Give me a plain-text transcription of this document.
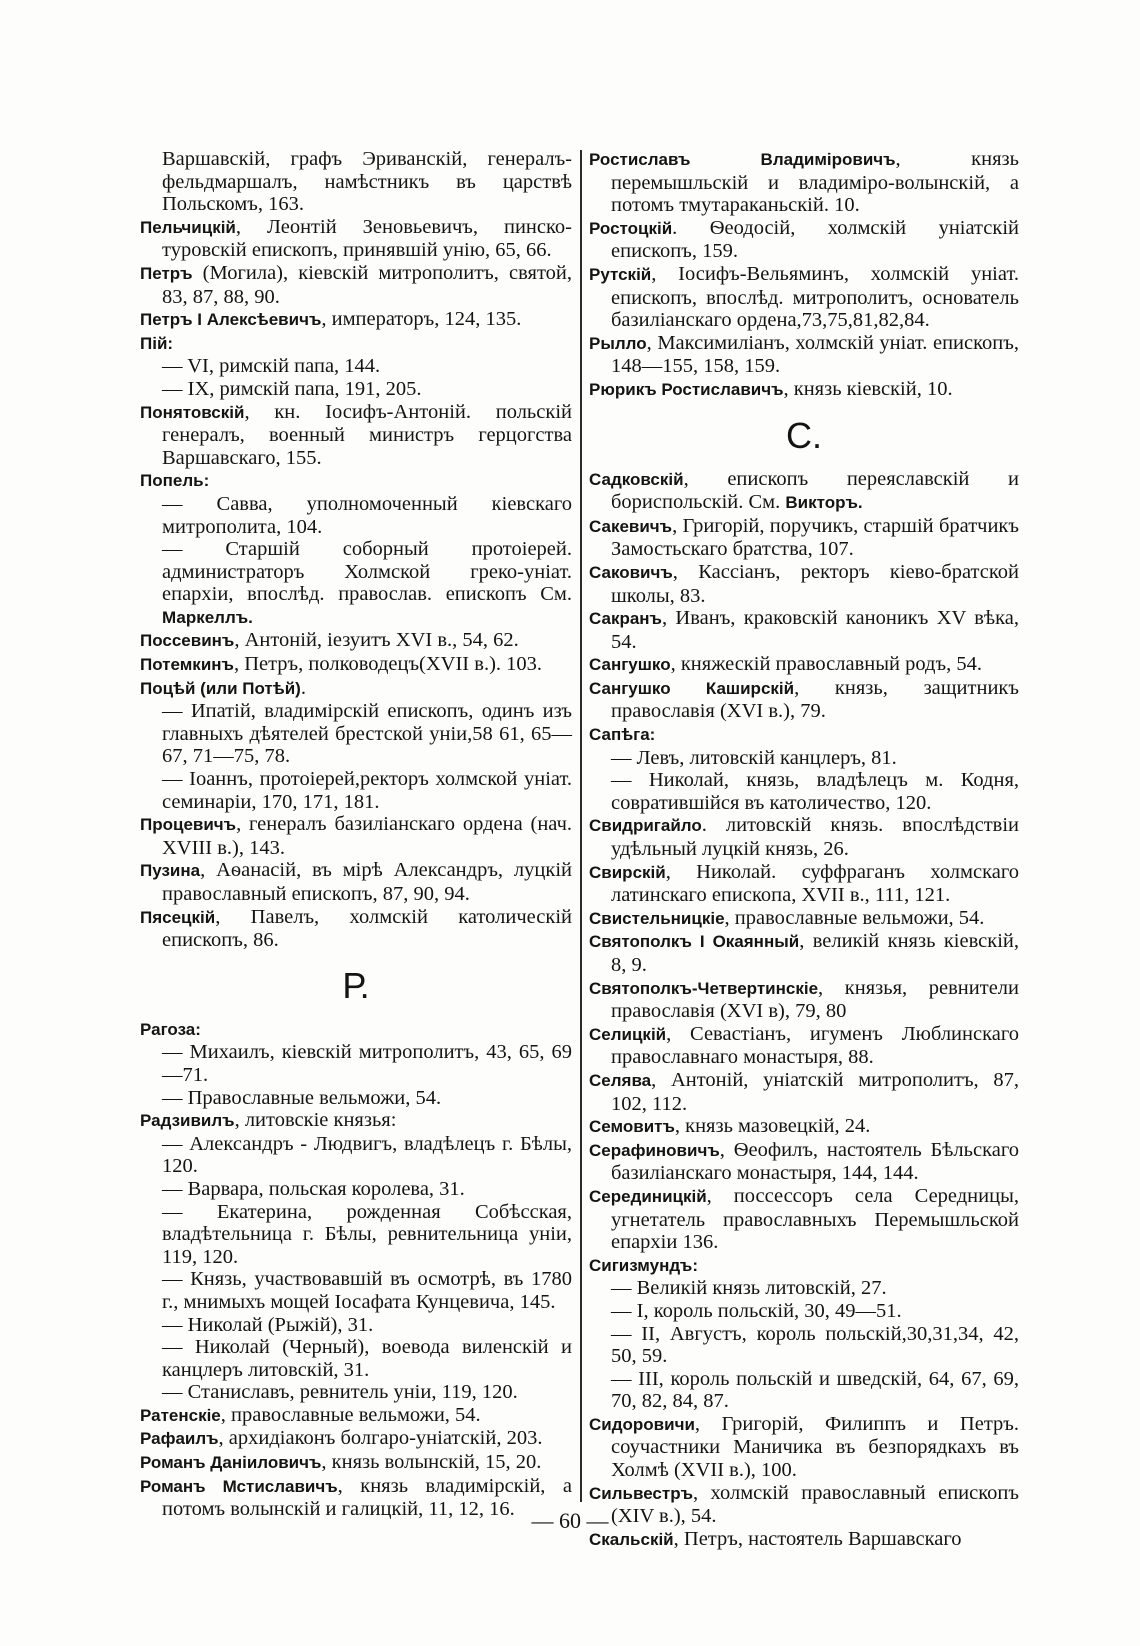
Варшавскій, графъ Эриванскій, генералъ-фельдмаршалъ, намѣстникъ въ царствѣ Польскомъ, 163.
Пельчицкій, Леонтій Зеновьевичъ, пинско-туровскій епископъ, принявшій унію, 65, 66.
Петръ (Могила), кіевскій митрополитъ, святой, 83, 87, 88, 90.
Петръ I Алексѣевичъ, императоръ, 124, 135.
Пій:
— VI, римскій папа, 144.
— IX, римскій папа, 191, 205.
Понятовскій, кн. Іосифъ-Антоній. польскій генералъ, военный министръ герцогства Варшавскаго, 155.
Попель:
— Савва, уполномоченный кіевскаго митрополита, 104.
— Старшій соборный протоіерей. администраторъ Холмской греко-уніат. епархіи, впослѣд. православ. епископъ См. Маркеллъ.
Поссевинъ, Антоній, іезуитъ XVI в., 54, 62.
Потемкинъ, Петръ, полководецъ(XVII в.). 103.
Поцѣй (или Потѣй).
— Ипатій, владимірскій епископъ, одинъ изъ главныхъ дѣятелей брестской уніи,58 61, 65—67, 71—75, 78.
— Іоаннъ, протоіерей,ректоръ холмской уніат. семинаріи, 170, 171, 181.
Процевичъ, генералъ базиліанскаго ордена (нач. XVIII в.), 143.
Пузина, Аѳанасій, въ мірѣ Александръ, луцкій православный епископъ, 87, 90, 94.
Пясецкій, Павелъ, холмскій католическій епископъ, 86.
Р.
Рагоза:
— Михаилъ, кіевскій митрополитъ, 43, 65, 69—71.
— Православные вельможи, 54.
Радзивилъ, литовскіе князья:
— Александръ - Людвигъ, владѣлецъ г. Бѣлы, 120.
— Варвара, польская королева, 31.
— Екатерина, рожденная Собѣсская, владѣтельница г. Бѣлы, ревнительница уніи, 119, 120.
— Князь, участвовавшій въ осмотрѣ, въ 1780 г., мнимыхъ мощей Іосафата Кунцевича, 145.
— Николай (Рыжій), 31.
— Николай (Черный), воевода виленскій и канцлеръ литовскій, 31.
— Станиславъ, ревнитель уніи, 119, 120.
Ратенскіе, православные вельможи, 54.
Рафаилъ, архидіаконъ болгаро-уніатскій, 203.
Романъ Даніиловичъ, князь волынскій, 15, 20.
Романъ Мстиславичъ, князь владимірскій, а потомъ волынскій и галицкій, 11, 12, 16.
Ростиславъ Владиміровичъ, князь перемышльскій и владиміро-волынскій, а потомъ тмутараканьскій. 10.
Ростоцкій. Ѳеодосій, холмскій уніатскій епископъ, 159.
Рутскій, Іосифъ-Вельяминъ, холмскій уніат. епископъ, впослѣд. митрополитъ, основатель базиліанскаго ордена,73,75,81,82,84.
Рылло, Максимиліанъ, холмскій уніат. епископъ, 148—155, 158, 159.
Рюрикъ Ростиславичъ, князь кіевскій, 10.
С.
Садковскій, епископъ переяславскій и бориспольскій. См. Викторъ.
Сакевичъ, Григорій, поручикъ, старшій братчикъ Замостьскаго братства, 107.
Саковичъ, Кассіанъ, ректоръ кіево-братской школы, 83.
Сакранъ, Иванъ, краковскій каноникъ XV вѣка, 54.
Сангушко, княжескій православный родъ, 54.
Сангушко Каширскій, князь, защитникъ православія (XVI в.), 79.
Сапѣга:
— Левъ, литовскій канцлеръ, 81.
— Николай, князь, владѣлецъ м. Кодня, совратившійся въ католичество, 120.
Свидригайло. литовскій князь. впослѣдствіи удѣльный луцкій князь, 26.
Свирскій, Николай. суффраганъ холмскаго латинскаго епископа, XVII в., 111, 121.
Свистельницкіе, православные вельможи, 54.
Святополкъ I Окаянный, великій князь кіевскій, 8, 9.
Святополкъ-Четвертинскіе, князья, ревнители православія (XVI в), 79, 80
Селицкій, Севастіанъ, игуменъ Люблинскаго православнаго монастыря, 88.
Селява, Антоній, уніатскій митрополитъ, 87, 102, 112.
Семовитъ, князь мазовецкій, 24.
Серафиновичъ, Ѳеофилъ, настоятель Бѣльскаго базиліанскаго монастыря, 144, 144.
Серединицкій, поссессоръ села Середницы, угнетатель православныхъ Перемышльской епархіи 136.
Сигизмундъ:
— Великій князь литовскій, 27.
— I, король польскій, 30, 49—51.
— II, Августъ, король польскій,30,31,34, 42, 50, 59.
— III, король польскій и шведскій, 64, 67, 69, 70, 82, 84, 87.
Сидоровичи, Григорій, Филиппъ и Петръ. соучастники Маничика въ безпорядкахъ въ Холмѣ (XVII в.), 100.
Сильвестръ, холмскій православный епископъ (XIV в.), 54.
Скальскій, Петръ, настоятель Варшавскаго
— 60 —
